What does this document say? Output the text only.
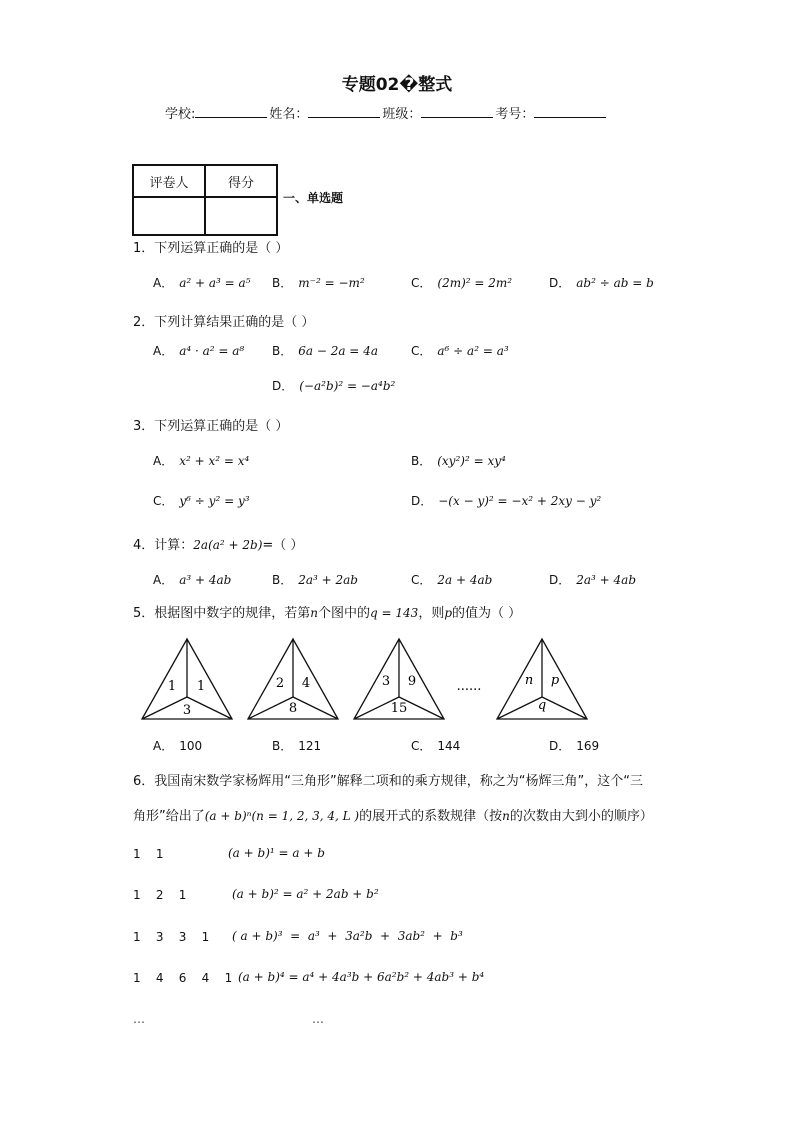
专题02�整式
学校:	姓名：	班级：	考号：
评卷人	得分

一、单选题
1．下列运算正确的是（ ）
A． a² + a³ = a⁵ B． m⁻² = −m²	C． (2m)² = 2m²	D． ab² ÷ ab = b
2．下列计算结果正确的是（ ）
A． a⁴ · a² = a⁸ B． 6a − 2a = 4a	C． a⁶ ÷ a² = a³
D． (−a²b)² = −a⁴b²
3．下列运算正确的是（ ）
A． x² + x² = x⁴	B． (xy²)² = xy⁴
C． y⁶ ÷ y² = y³	D． −(x − y)² = −x² + 2xy − y²
4．计算：2a(a² + 2b)=（ ）
A． a³ + 4ab	B． 2a³ + 2ab	C． 2a + 4ab	D． 2a³ + 4ab
5．根据图中数字的规律，若第n个图中的q = 143，则p的值为（ ）
1 1
3
2 4
8
3 9
15
......	n p
q
A． 100	B． 121	C． 144	D． 169
6．我国南宋数学家杨辉用“三角形”解释二项和的乘方规律，称之为“杨辉三角”，这个“三
角形”给出了(a + b)ⁿ(n = 1, 2, 3, 4, L )的展开式的系数规律（按n的次数由大到小的顺序）
1    1	(a + b)¹ = a + b
1    2    1	(a + b)² = a² + 2ab + b²
1    3    3    1 ( a + b)³  =  a³  +  3a²b  +  3ab²  +  b³
1    4    6    4    1 (a + b)⁴ = a⁴ + 4a³b + 6a²b² + 4ab³ + b⁴
…	…
